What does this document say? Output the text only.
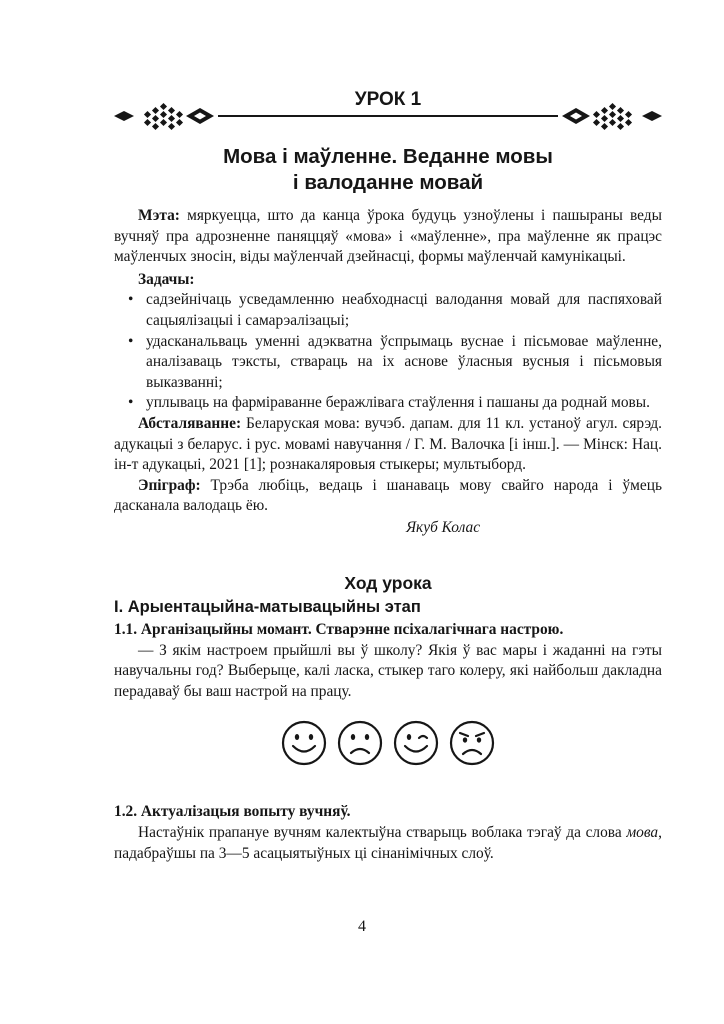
УРОК 1
Мова і маўленне. Веданне мовы
і валоданне мовай

Мэта: мяркуецца, што да канца ўрока будуць узноўлены і пашыраны веды вучняў пра адрозненне паняццяў «мова» і «маўленне», пра маўленне як працэс маўленчых зносін, віды маўленчай дзейнасці, формы маўленчай камунікацыі.

Задачы:

• садзейнічаць усведамленню неабходнасці валодання мовай для паспяховай сацыялізацыі і самарэалізацыі;
• удасканальваць уменні адэкватна ўспрымаць вуснае і пісьмовае маўленне, аналізаваць тэксты, стварaць на іх аснове ўласныя вусныя і пісьмовыя выказванні;
• уплываць на фарміраванне беражлівага стаўлення і пашаны да роднай мовы.

Абсталяванне: Беларуская мова: вучэб. дапам. для 11 кл. устаноў агул. сярэд. адукацыі з беларус. і рус. мовамі навучання / Г. М. Валочка [і інш.]. — Мінск: Нац. ін-т адукацыі, 2021 [1]; рознакаляровыя стыкеры; мультыборд.

Эпіграф: Трэба любіць, ведаць і шанаваць мову свайго народа і ўмець дасканала валодаць ёю.

Якуб Колас

Ход урока
I. Арыентацыйна-матывацыйны этап
1.1. Арганізацыйны момант. Стварэнне псіхалагічнага настрою.

— З якім настроем прыйшлі вы ў школу? Якія ў вас мары і жаданні на гэты навучальны год? Выберыце, калі ласка, стыкер таго колеру, які найбольш дакладна перадаваў бы ваш настрой на працу.

1.2. Актуалізацыя вопыту вучняў.

Настаўнік прапануе вучням калектыўна стварыць воблака тэгаў да слова мова, падабраўшы па 3—5 асацыятыўных ці сінанімічных слоў.

4
